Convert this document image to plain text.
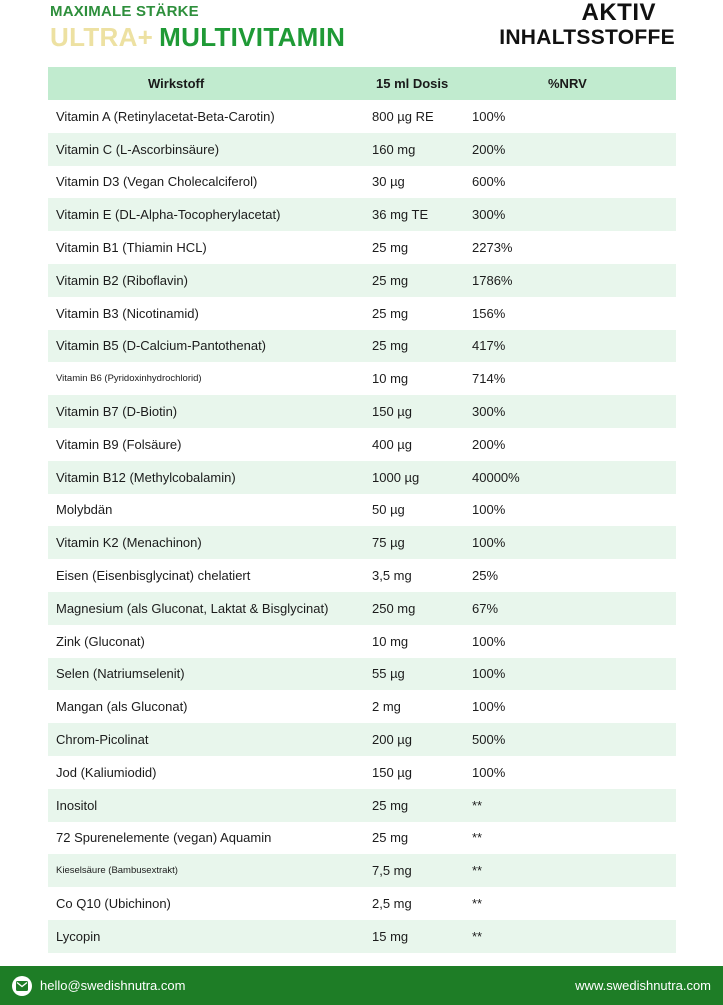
MAXIMALE STÄRKE
ULTRA+ MULTIVITAMIN
AKTIV
INHALTSSTOFFE
Wirkstoff	15 ml Dosis	%NRV
Vitamin A (Retinylacetat-Beta-Carotin)	800 µg RE	100%
Vitamin C (L-Ascorbinsäure)	160 mg	200%
Vitamin D3 (Vegan Cholecalciferol)	30 µg	600%
Vitamin E (DL-Alpha-Tocopherylacetat)	36 mg TE	300%
Vitamin B1 (Thiamin HCL)	25 mg	2273%
Vitamin B2 (Riboflavin)	25 mg	1786%
Vitamin B3 (Nicotinamid)	25 mg	156%
Vitamin B5 (D-Calcium-Pantothenat)	25 mg	417%
Vitamin B6 (Pyridoxinhydrochlorid)	10 mg	714%
Vitamin B7 (D-Biotin)	150 µg	300%
Vitamin B9 (Folsäure)	400 µg	200%
Vitamin B12 (Methylcobalamin)	1000 µg	40000%
Molybdän	50 µg	100%
Vitamin K2 (Menachinon)	75 µg	100%
Eisen (Eisenbisglycinat) chelatiert	3,5 mg	25%
Magnesium (als Gluconat, Laktat & Bisglycinat)	250 mg	67%
Zink (Gluconat)	10 mg	100%
Selen (Natriumselenit)	55 µg	100%
Mangan (als Gluconat)	2 mg	100%
Chrom-Picolinat	200 µg	500%
Jod (Kaliumiodid)	150 µg	100%
Inositol	25 mg	**
72 Spurenelemente (vegan) Aquamin	25 mg	**
Kieselsäure (Bambusextrakt)	7,5 mg	**
Co Q10 (Ubichinon)	2,5 mg	**
Lycopin	15 mg	**
hello@swedishnutra.com	www.swedishnutra.com
